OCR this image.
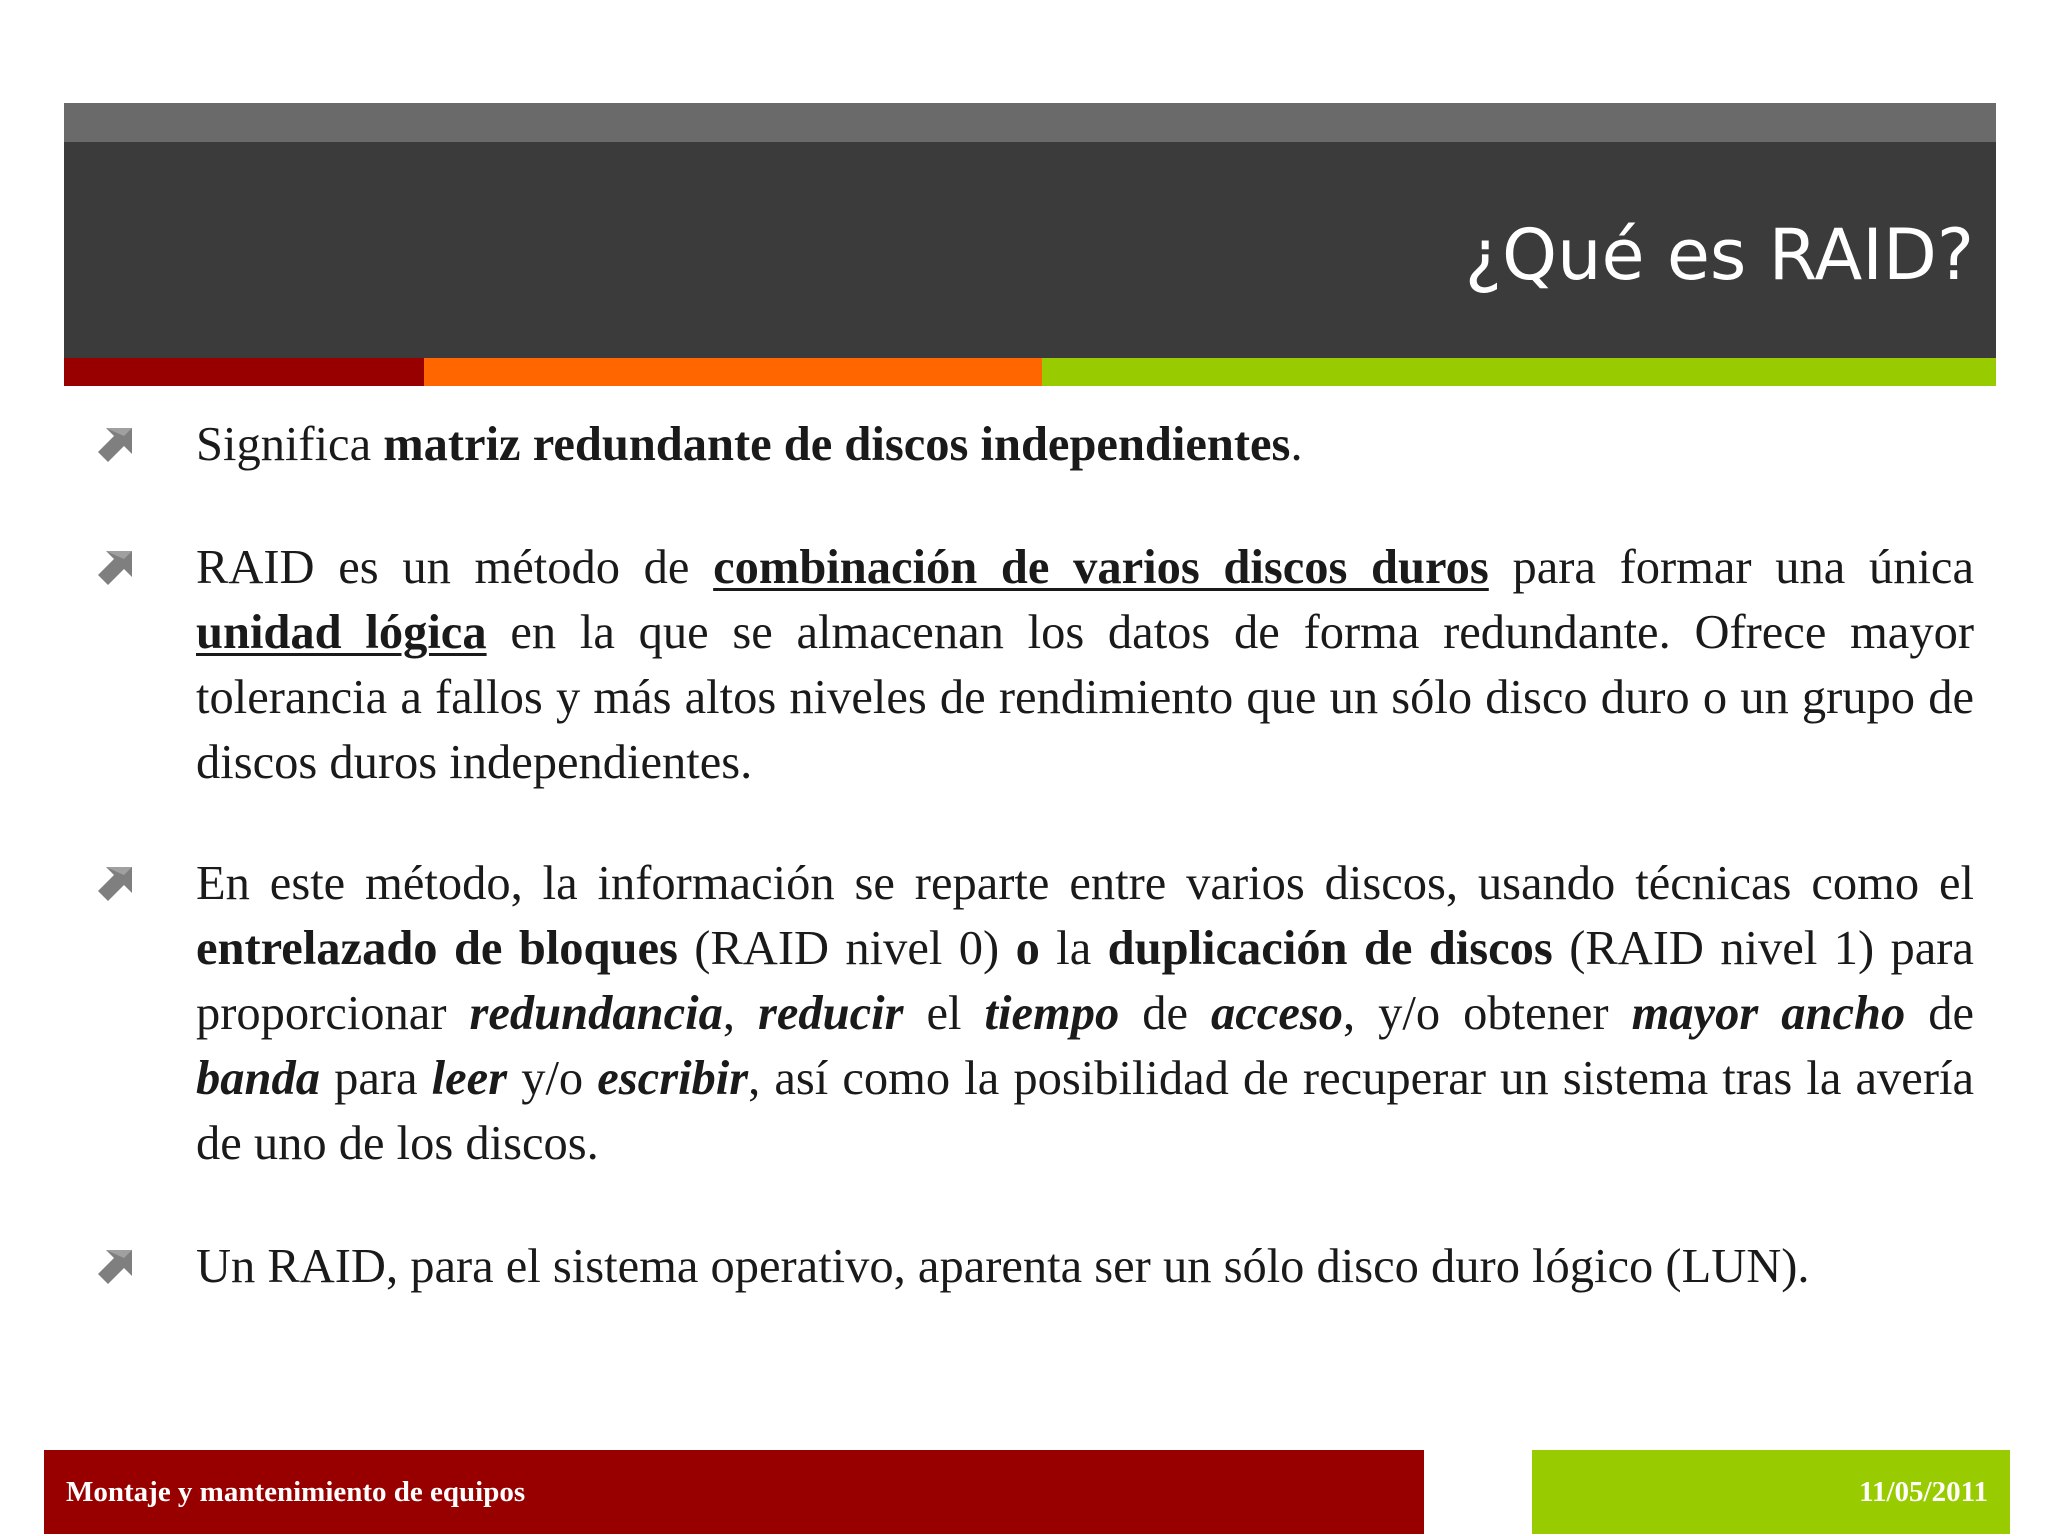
¿Qué es RAID?
Significa matriz redundante de discos independientes.
RAID es un método de combinación de varios discos duros para formar una única unidad lógica en la que se almacenan los datos de forma redundante. Ofrece mayor tolerancia a fallos y más altos niveles de rendimiento que un sólo disco duro o un grupo de discos duros independientes.
En este método, la información se reparte entre varios discos, usando técnicas como el entrelazado de bloques (RAID nivel 0) o la duplicación de discos (RAID nivel 1) para proporcionar redundancia, reducir el tiempo de acceso, y/o obtener mayor ancho de banda para leer y/o escribir, así como la posibilidad de recuperar un sistema tras la avería de uno de los discos.
Un RAID, para el sistema operativo, aparenta ser un sólo disco duro lógico (LUN).
Montaje y mantenimiento de equipos	11/05/2011
